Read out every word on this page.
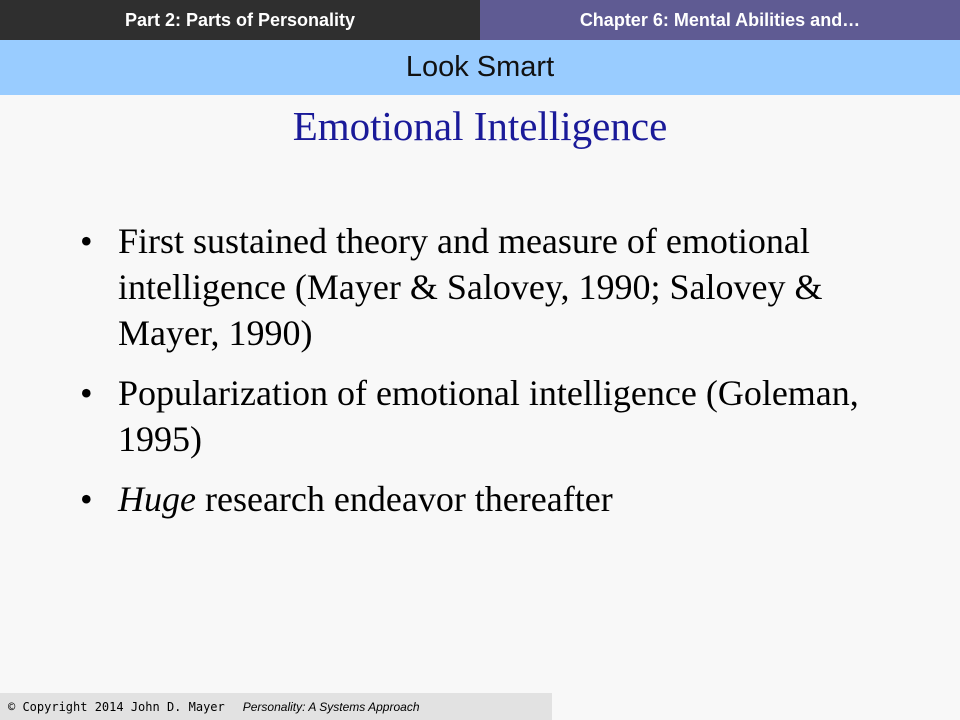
Part 2: Parts of Personality	Chapter 6: Mental Abilities and…
Look Smart
Emotional Intelligence
• First sustained theory and measure of emotional intelligence (Mayer & Salovey, 1990; Salovey & Mayer, 1990)
• Popularization of emotional intelligence (Goleman, 1995)
• Huge research endeavor thereafter
© Copyright 2014 John D. Mayer	Personality: A Systems Approach
